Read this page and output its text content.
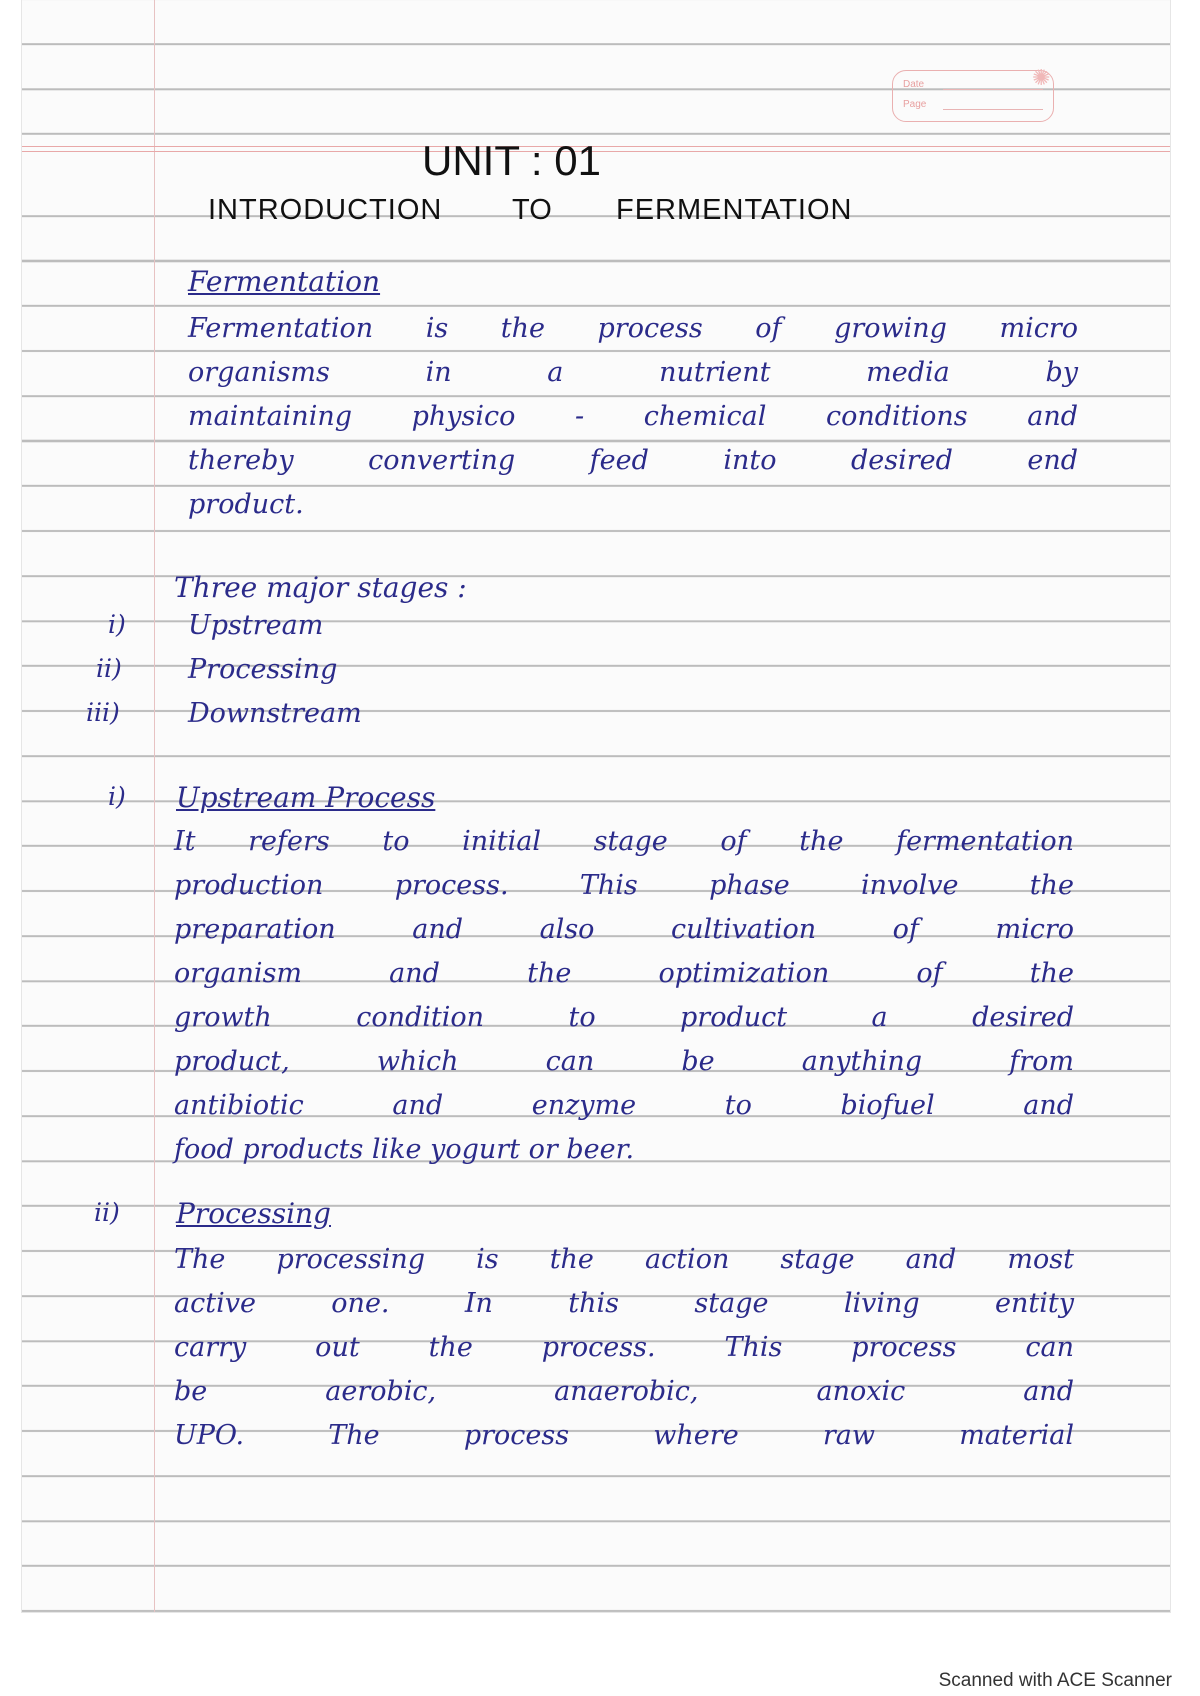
Date
Page
✺
UNIT : 01
INTRODUCTION TO FERMENTATION
Fermentation
Fermentation is the process of growing micro
organisms in a nutrient media by
maintaining physico - chemical conditions and
thereby converting feed into desired end
product.
Three major stages :
i) Upstream
ii) Processing
iii)	Downstream
i) Upstream Process
It refers to initial stage of the fermentation
production process. This phase involve the
preparation and also cultivation of micro
organism and the optimization of the
growth condition to product a desired
product, which can be anything from
antibiotic and enzyme to biofuel and
food products like yogurt or beer.
ii) Processing
The processing is the action stage and most
active one. In this stage living entity
carry out the process. This process can
be aerobic, anaerobic, anoxic and
UPO. The process where raw material
Scanned with ACE Scanner
